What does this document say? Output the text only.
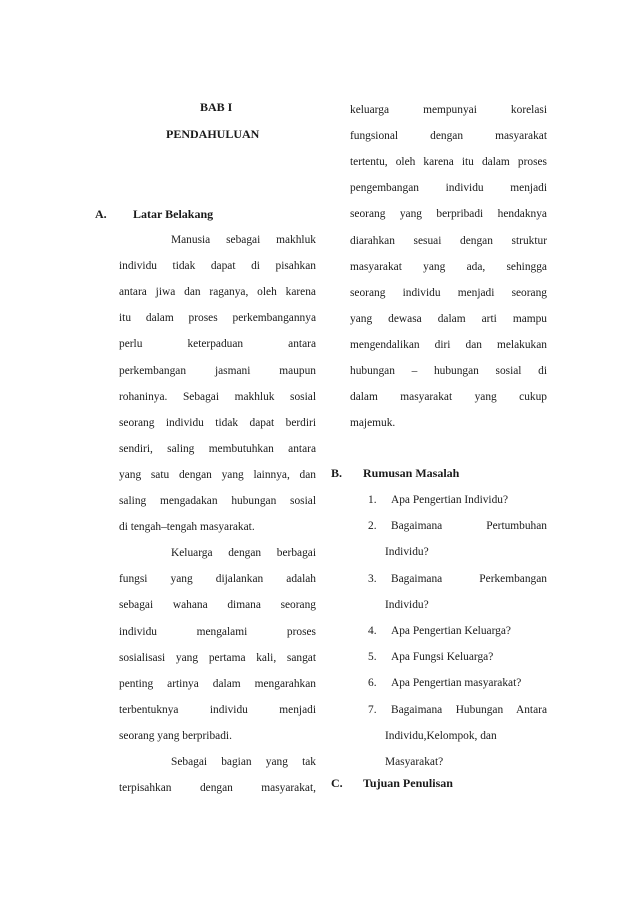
BAB I
PENDAHULUAN
A. Latar Belakang
Manusia sebagai makhluk
individu tidak dapat di pisahkan
antara jiwa dan raganya, oleh karena
itu dalam proses perkembangannya
perlu keterpaduan antara
perkembangan jasmani maupun
rohaninya. Sebagai makhluk sosial
seorang individu tidak dapat berdiri
sendiri, saling membutuhkan antara
yang satu dengan yang lainnya, dan
saling mengadakan hubungan sosial
di tengah–tengah masyarakat.
Keluarga dengan berbagai
fungsi yang dijalankan adalah
sebagai wahana dimana seorang
individu mengalami proses
sosialisasi yang pertama kali, sangat
penting artinya dalam mengarahkan
terbentuknya individu menjadi
seorang yang berpribadi.
Sebagai bagian yang tak
terpisahkan dengan masyarakat,
keluarga mempunyai korelasi
fungsional dengan masyarakat
tertentu, oleh karena itu dalam proses
pengembangan individu menjadi
seorang yang berpribadi hendaknya
diarahkan sesuai dengan struktur
masyarakat yang ada, sehingga
seorang individu menjadi seorang
yang dewasa dalam arti mampu
mengendalikan diri dan melakukan
hubungan – hubungan sosial di
dalam masyarakat yang cukup
majemuk.
B. Rumusan Masalah
1. Apa Pengertian Individu?
2. Bagaimana Pertumbuhan
Individu?
3. Bagaimana Perkembangan
Individu?
4. Apa Pengertian Keluarga?
5. Apa Fungsi Keluarga?
6. Apa Pengertian masyarakat?
7. Bagaimana Hubungan Antara
Individu,Kelompok, dan
Masyarakat?
C. Tujuan Penulisan
